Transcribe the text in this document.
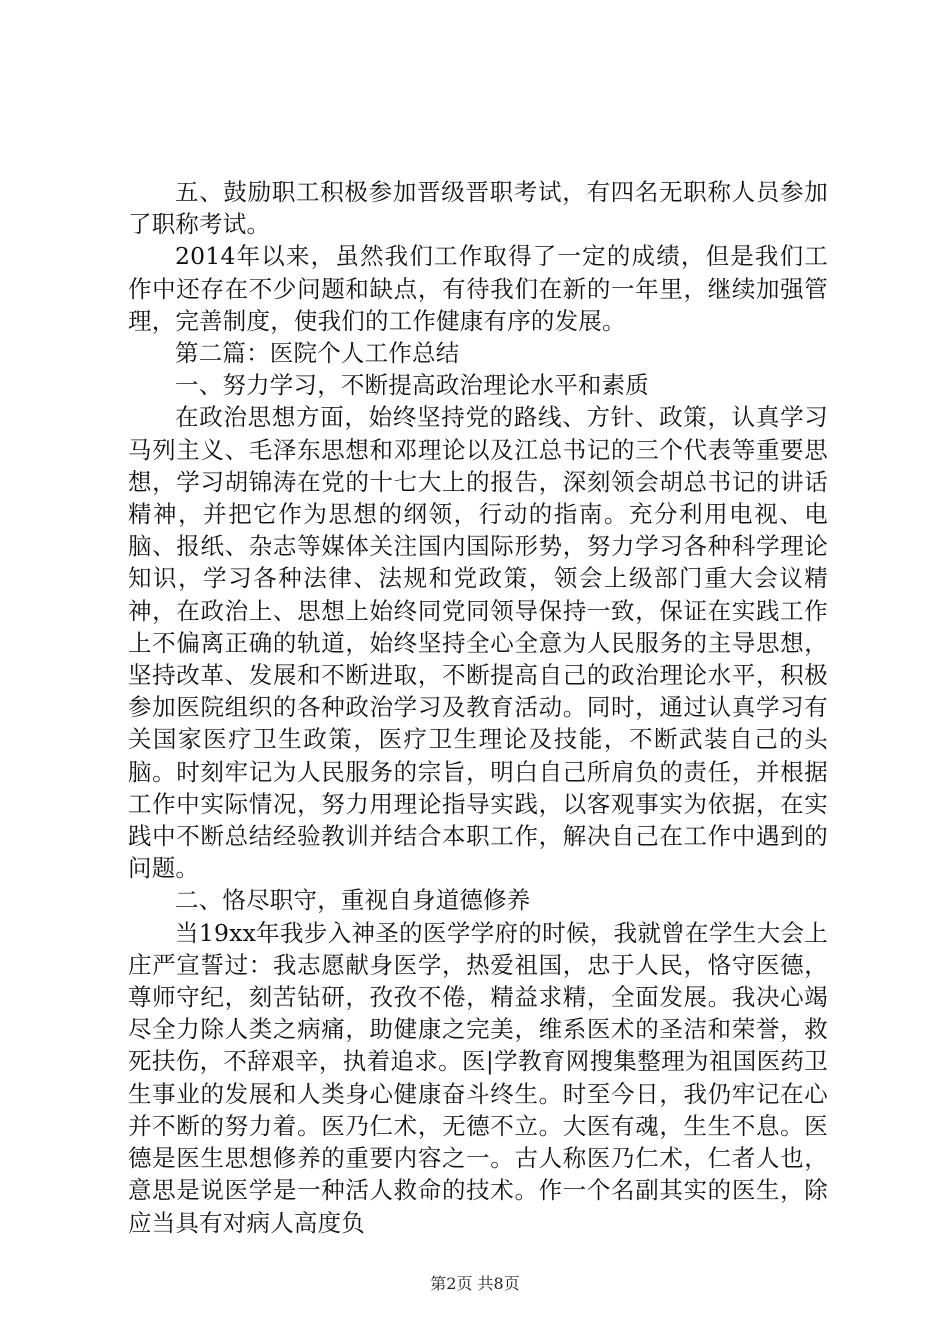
五、鼓励职工积极参加晋级晋职考试，有四名无职称人员参加了职称考试。

2014年以来，虽然我们工作取得了一定的成绩，但是我们工作中还存在不少问题和缺点，有待我们在新的一年里，继续加强管理，完善制度，使我们的工作健康有序的发展。

第二篇：医院个人工作总结

一、努力学习，不断提高政治理论水平和素质

在政治思想方面，始终坚持党的路线、方针、政策，认真学习马列主义、毛泽东思想和邓理论以及江总书记的三个代表等重要思想，学习胡锦涛在党的十七大上的报告，深刻领会胡总书记的讲话精神，并把它作为思想的纲领，行动的指南。充分利用电视、电脑、报纸、杂志等媒体关注国内国际形势，努力学习各种科学理论知识，学习各种法律、法规和党政策，领会上级部门重大会议精神，在政治上、思想上始终同党同领导保持一致，保证在实践工作上不偏离正确的轨道，始终坚持全心全意为人民服务的主导思想，坚持改革、发展和不断进取，不断提高自己的政治理论水平，积极参加医院组织的各种政治学习及教育活动。同时，通过认真学习有关国家医疗卫生政策，医疗卫生理论及技能，不断武装自己的头脑。时刻牢记为人民服务的宗旨，明白自己所肩负的责任，并根据工作中实际情况，努力用理论指导实践，以客观事实为依据，在实践中不断总结经验教训并结合本职工作，解决自己在工作中遇到的问题。

二、恪尽职守，重视自身道德修养

当19xx年我步入神圣的医学学府的时候，我就曾在学生大会上庄严宣誓过：我志愿献身医学，热爱祖国，忠于人民，恪守医德，尊师守纪，刻苦钻研，孜孜不倦，精益求精，全面发展。我决心竭尽全力除人类之病痛，助健康之完美，维系医术的圣洁和荣誉，救死扶伤，不辞艰辛，执着追求。医|学教育网搜集整理为祖国医药卫生事业的发展和人类身心健康奋斗终生。时至今日，我仍牢记在心并不断的努力着。医乃仁术，无德不立。大医有魂，生生不息。医德是医生思想修养的重要内容之一。古人称医乃仁术，仁者人也，意思是说医学是一种活人救命的技术。作一个名副其实的医生，除应当具有对病人高度负

第2页 共8页
